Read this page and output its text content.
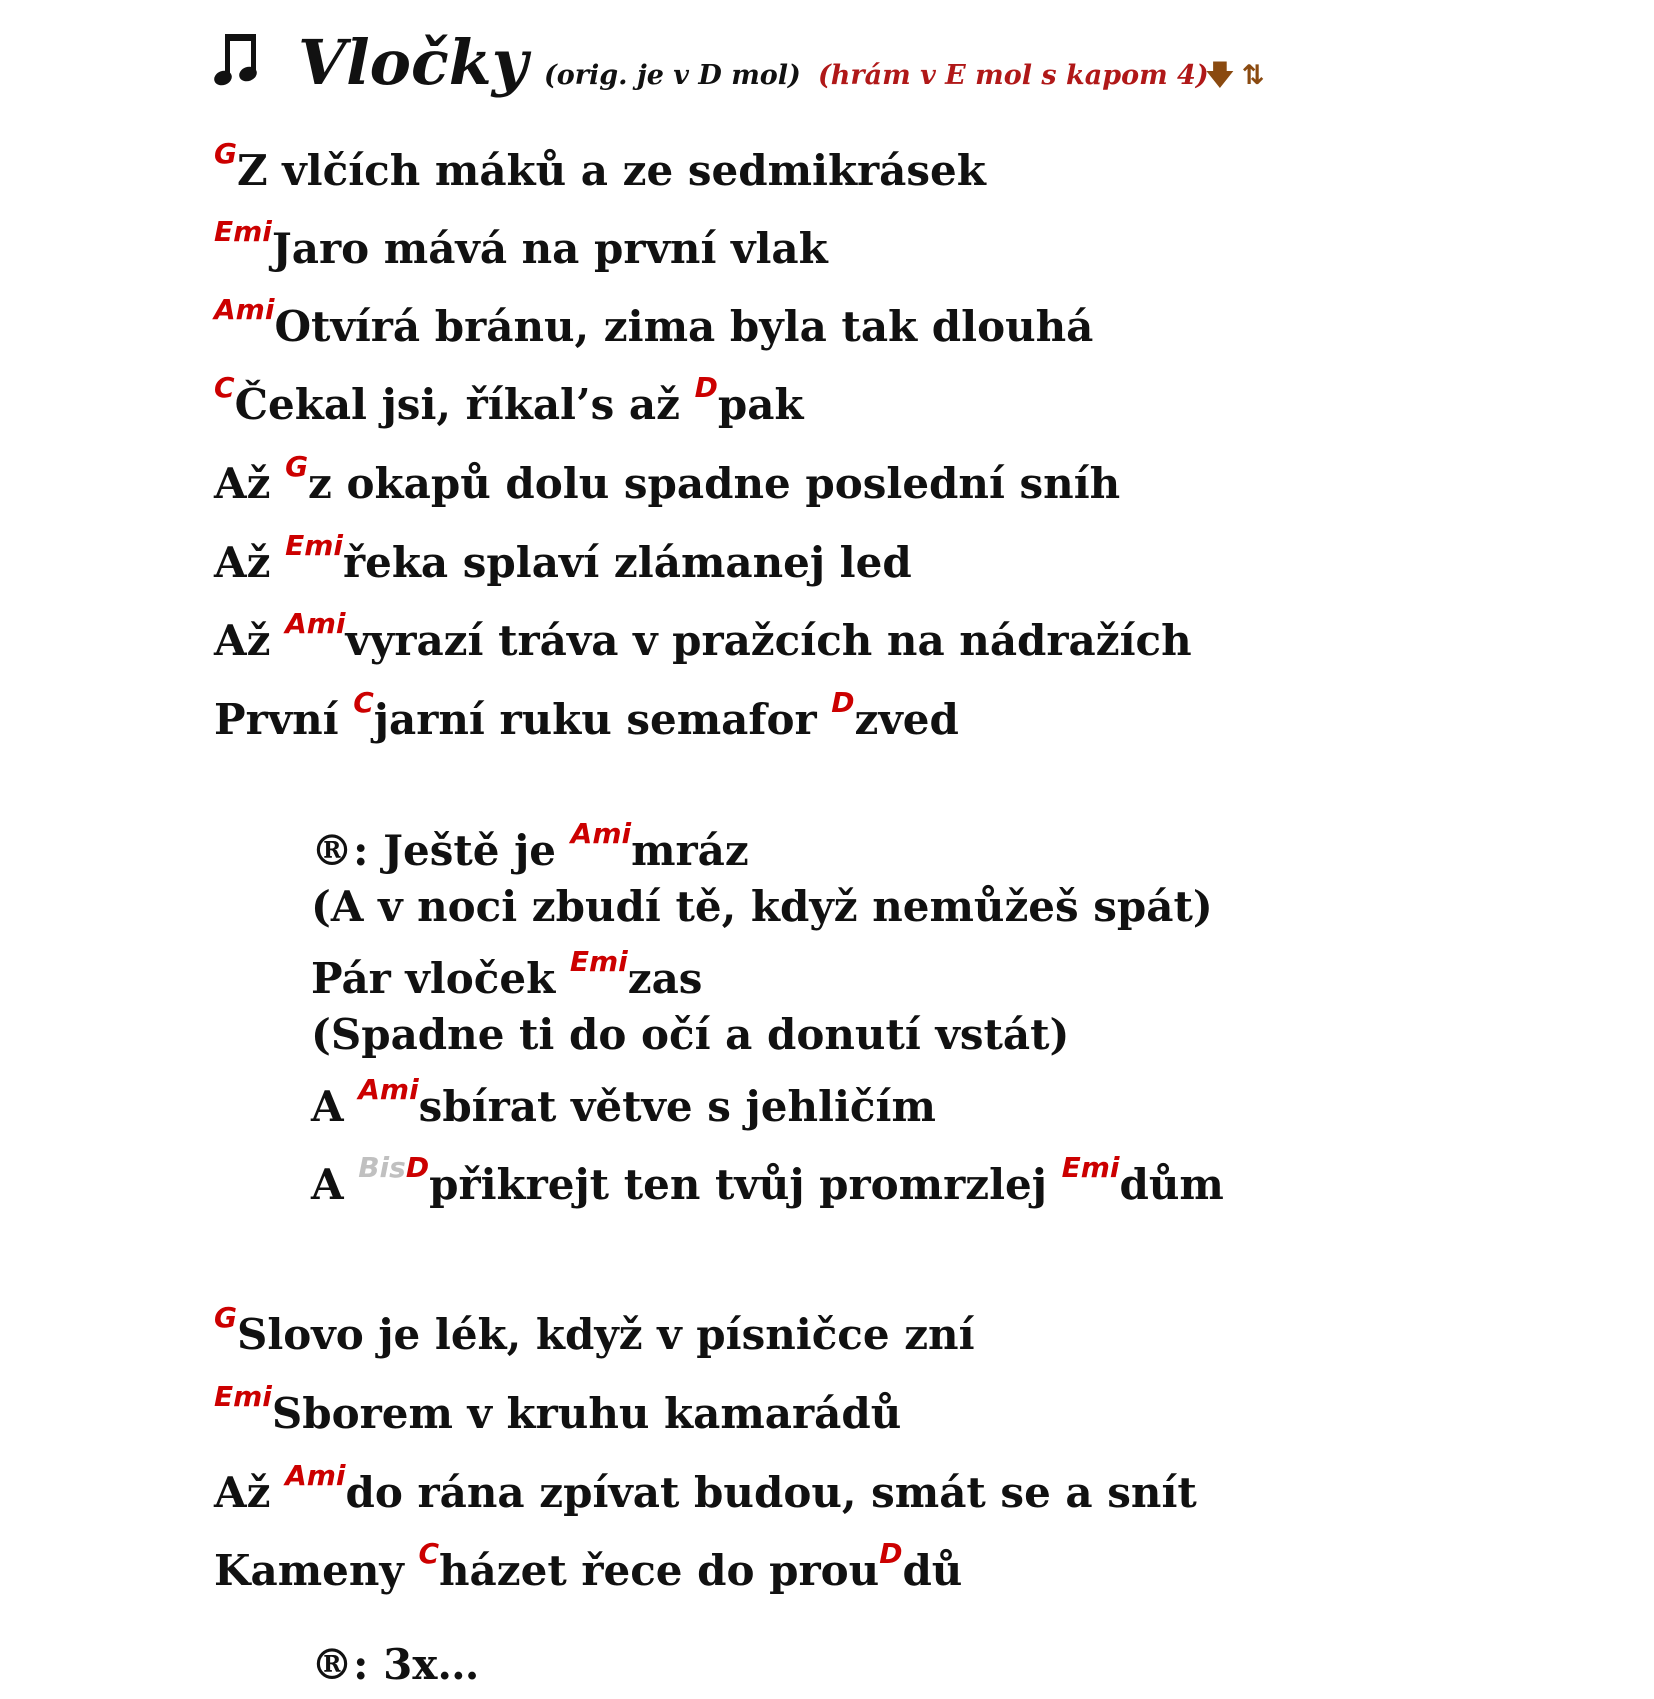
Vločky (orig. je v D mol) (hrám v E mol s kapom 4)
🡇 ⇅
$^G$Z vlčích máků a ze sedmikrásek
$^{Emi}$Jaro mává na první vlak
$^{Ami}$Otvírá bránu, zima byla tak dlouhá
$^C$Čekal jsi, říkal’s až $^D$pak
Až $^G$z okapů dolu spadne poslední sníh
Až $^{Emi}$řeka splaví zlámanej led
Až $^{Ami}$vyrazí tráva v pražcích na nádražích
První $^C$jarní ruku semafor $^D$zved
®: Ještě je $^{Ami}$mráz
(A v noci zbudí tě, když nemůžeš spát)
Pár vloček $^{Emi}$zas
(Spadne ti do očí a donutí vstát)
A $^{Ami}$sbírat větve s jehličím
A $^{BisD}$přikrejt ten tvůj promrzlej $^{Emi}$dům
$^G$Slovo je lék, když v písničce zní
$^{Emi}$Sborem v kruhu kamarádů
Až $^{Ami}$do rána zpívat budou, smát se a snít
Kameny $^C$házet řece do prou$^D$dů
®: 3x…
